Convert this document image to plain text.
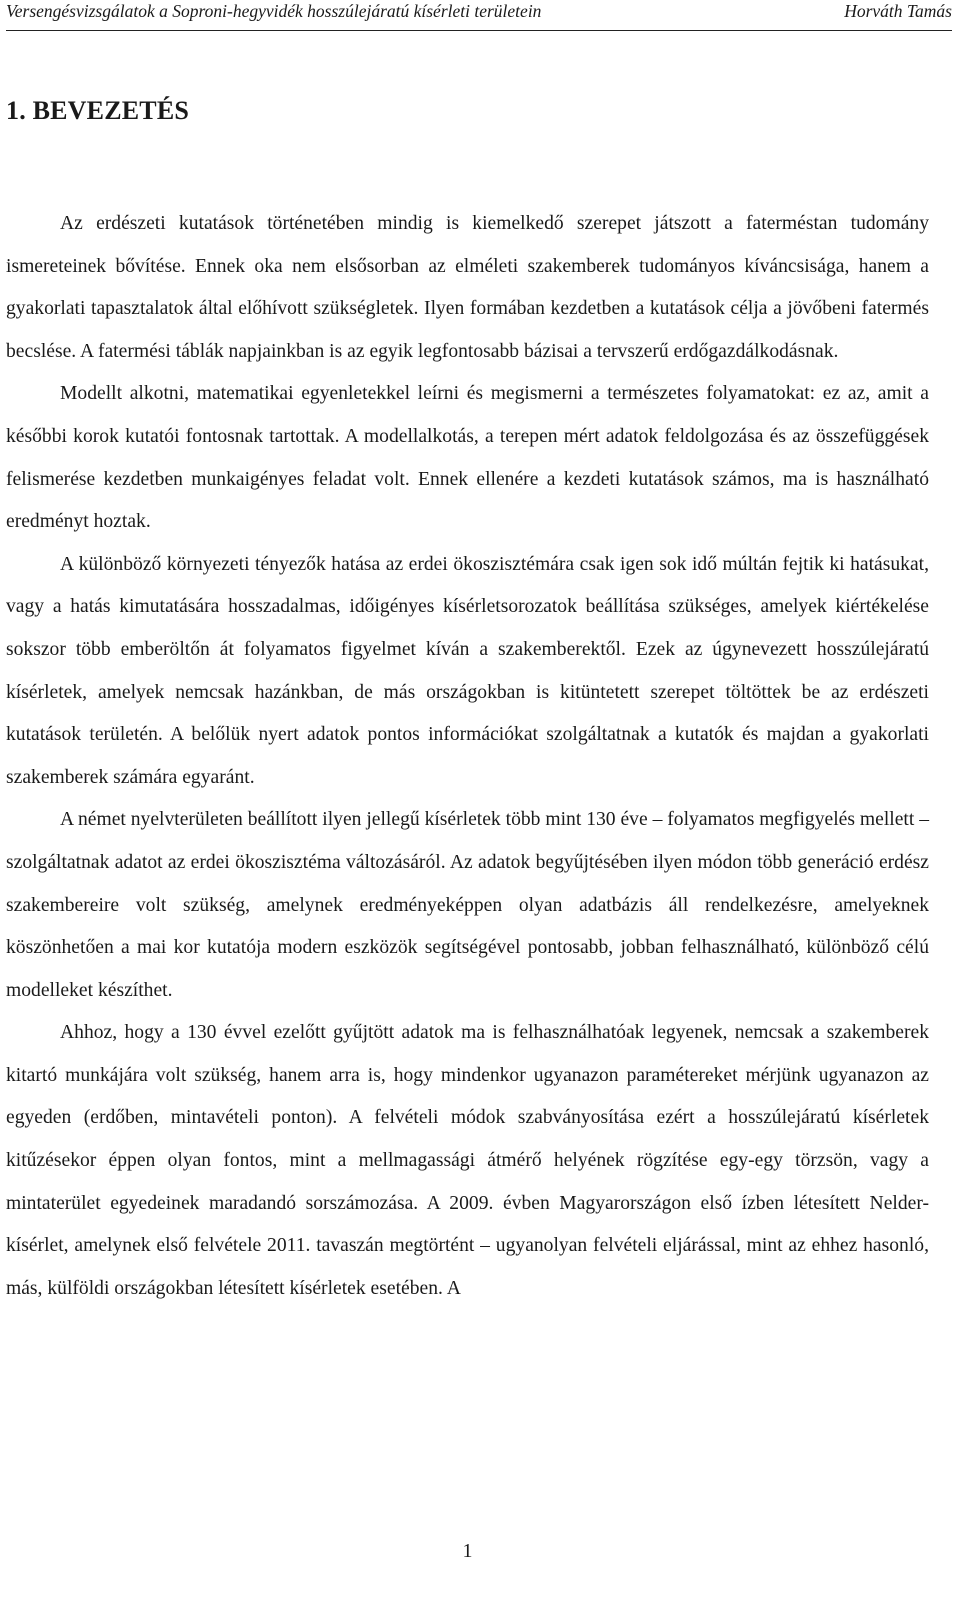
Versengésvizsgálatok a Soproni-hegyvidék hosszúlejáratú kísérleti területein	Horváth Tamás
1. BEVEZETÉS

Az erdészeti kutatások történetében mindig is kiemelkedő szerepet játszott a faterméstan tudomány ismereteinek bővítése. Ennek oka nem elsősorban az elméleti szakemberek tudományos kíváncsisága, hanem a gyakorlati tapasztalatok által előhívott szükségletek. Ilyen formában kezdetben a kutatások célja a jövőbeni fatermés becslése. A fatermési táblák napjainkban is az egyik legfontosabb bázisai a tervszerű erdőgazdálkodásnak.

Modellt alkotni, matematikai egyenletekkel leírni és megismerni a természetes folyamatokat: ez az, amit a későbbi korok kutatói fontosnak tartottak. A modellalkotás, a terepen mért adatok feldolgozása és az összefüggések felismerése kezdetben munkaigényes feladat volt. Ennek ellenére a kezdeti kutatások számos, ma is használható eredményt hoztak.

A különböző környezeti tényezők hatása az erdei ökoszisztémára csak igen sok idő múltán fejtik ki hatásukat, vagy a hatás kimutatására hosszadalmas, időigényes kísérletsorozatok beállítása szükséges, amelyek kiértékelése sokszor több emberöltőn át folyamatos figyelmet kíván a szakemberektől. Ezek az úgynevezett hosszúlejáratú kísérletek, amelyek nemcsak hazánkban, de más országokban is kitüntetett szerepet töltöttek be az erdészeti kutatások területén. A belőlük nyert adatok pontos információkat szolgáltatnak a kutatók és majdan a gyakorlati szakemberek számára egyaránt.

A német nyelvterületen beállított ilyen jellegű kísérletek több mint 130 éve – folyamatos megfigyelés mellett – szolgáltatnak adatot az erdei ökoszisztéma változásáról. Az adatok begyűjtésében ilyen módon több generáció erdész szakembereire volt szükség, amelynek eredményeképpen olyan adatbázis áll rendelkezésre, amelyeknek köszönhetően a mai kor kutatója modern eszközök segítségével pontosabb, jobban felhasználható, különböző célú modelleket készíthet.

Ahhoz, hogy a 130 évvel ezelőtt gyűjtött adatok ma is felhasználhatóak legyenek, nemcsak a szakemberek kitartó munkájára volt szükség, hanem arra is, hogy mindenkor ugyanazon paramétereket mérjünk ugyanazon az egyeden (erdőben, mintavételi ponton). A felvételi módok szabványosítása ezért a hosszúlejáratú kísérletek kitűzésekor éppen olyan fontos, mint a mellmagassági átmérő helyének rögzítése egy-egy törzsön, vagy a mintaterület egyedeinek maradandó sorszámozása. A 2009. évben Magyarországon első ízben létesített Nelder-kísérlet, amelynek első felvétele 2011. tavaszán megtörtént – ugyanolyan felvételi eljárással, mint az ehhez hasonló, más, külföldi országokban létesített kísérletek esetében. A

1
